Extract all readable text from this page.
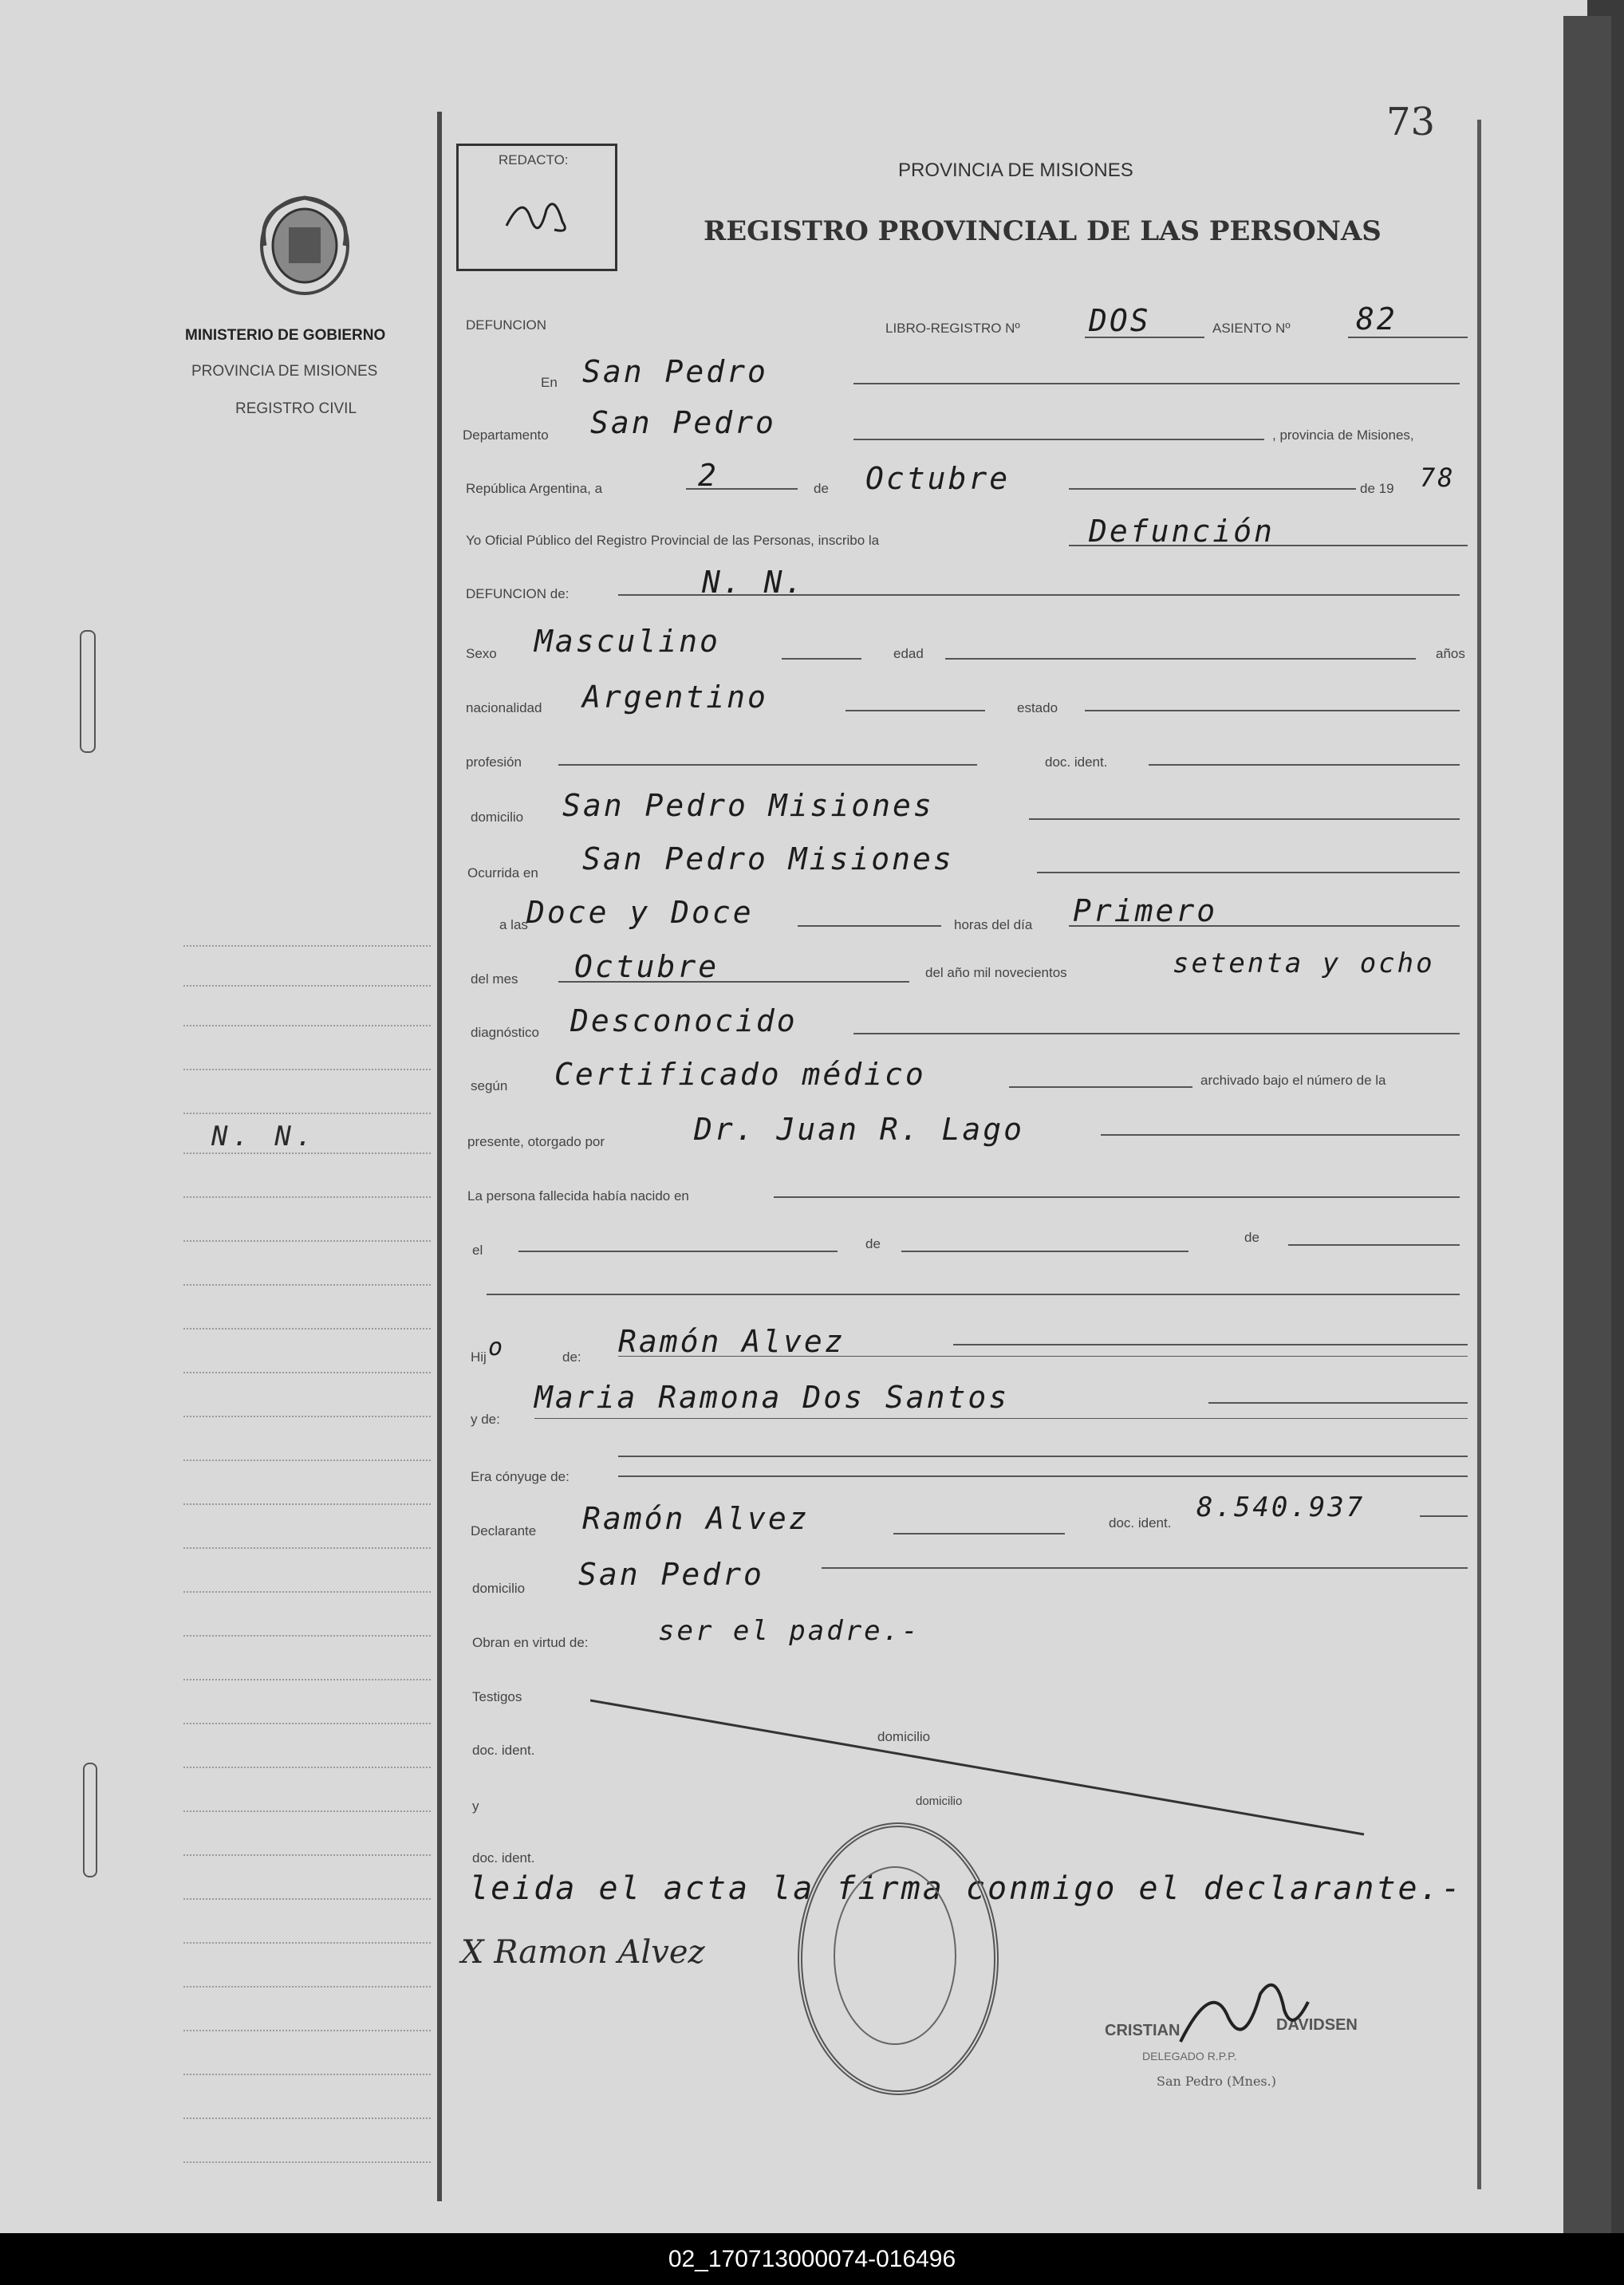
MINISTERIO DE GOBIERNO
PROVINCIA DE MISIONES
REGISTRO CIVIL
N. N.
73
REDACTO:	PROVINCIA DE MISIONES
REGISTRO PROVINCIAL DE LAS PERSONAS
DEFUNCION	LIBRO-REGISTRO Nº DOS	ASIENTO Nº 82
En San Pedro
Departamento San Pedro	, provincia de Misiones,
República Argentina, a	2	de Octubre	de 19 78
Yo Oficial Público del Registro Provincial de las Personas, inscribo la	Defunción
DEFUNCION de:	N. N.
Sexo Masculino	edad	años
nacionalidad Argentino	estado
profesión	doc. ident.
domicilio San Pedro Misiones
Ocurrida en San Pedro Misiones
a las
Doce y Doce	horas del día Primero
del mes Octubre	del año mil novecientos	setenta y ocho
diagnóstico Desconocido
según Certificado médico	archivado bajo el número de la
presente, otorgado por	Dr. Juan R. Lago
La persona fallecida había nacido en
el	de	de
Hij o	de: Ramón Alvez
y de:
Maria Ramona Dos Santos
Era cónyuge de:
Declarante Ramón Alvez	doc. ident. 8.540.937
domicilio San Pedro
Obran en virtud de:	ser el padre.-
Testigos
doc. ident.
domicilio
y
doc. ident.
domicilio
leida el acta la firma conmigo el declarante.-
X Ramon Alvez
CRISTIAN	DAVIDSEN
DELEGADO R.P.P.
San Pedro (Mnes.)
02_170713000074-016496
